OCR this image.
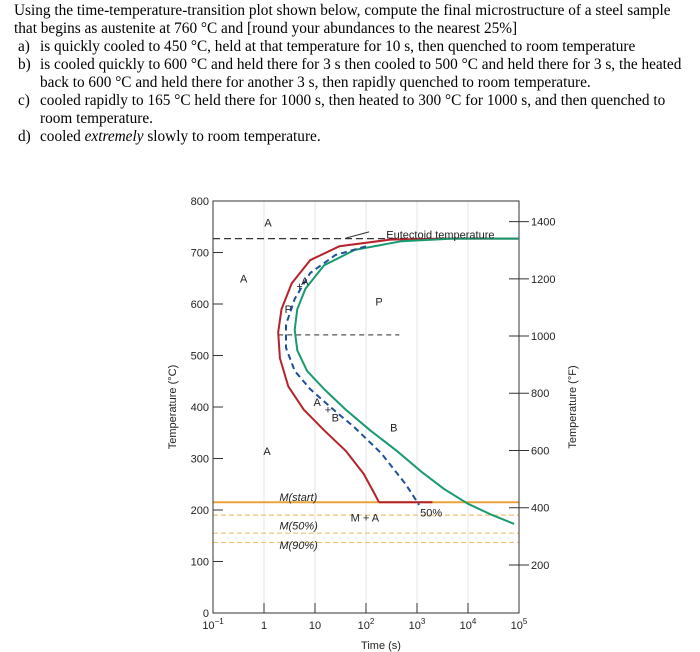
Using the time-temperature-transition plot shown below, compute the final microstructure of a steel sample that begins as austenite at 760 °C and [round your abundances to the nearest 25%]

a) is quickly cooled to 450 °C, held at that temperature for 10 s, then quenched to room temperature

b) is cooled quickly to 600 °C and held there for 3 s then cooled to 500 °C and held there for 3 s, the heated back to 600 °C and held there for another 3 s, then rapidly quenched to room temperature.

c) cooled rapidly to 165 °C held there for 1000 s, then heated to 300 °C for 1000 s, and then quenched to room temperature.

d) cooled extremely slowly to room temperature.

0
100
200
300
400
500
600
700
800
$10^{-1}$	1	10	$10^2$	$10^3$	$10^4$	$10^5$
200
400
600
800
1000
1200
1400
Time (s)
Temperature (°C)	Temperature (°F)
Eutectoid temperature
A
A
A
A
A
P
P
B
B
+
+
M(start)
M + A	50%
M(50%)
M(90%)
